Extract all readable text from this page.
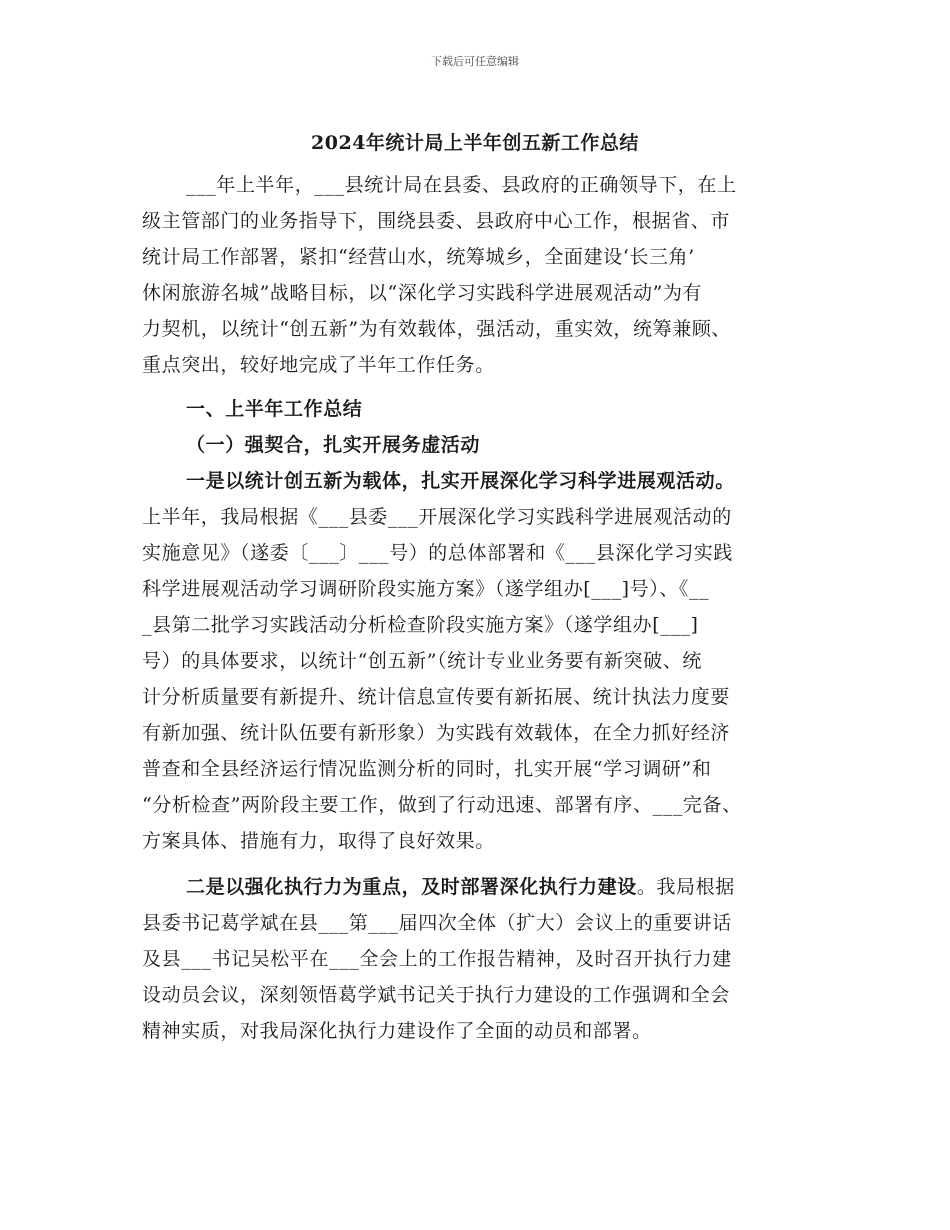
下载后可任意编辑
2024年统计局上半年创五新工作总结
___年上半年，___县统计局在县委、县政府的正确领导下，在上
级主管部门的业务指导下，围绕县委、县政府中心工作，根据省、市
统计局工作部署，紧扣“经营山水，统筹城乡，全面建设‘长三角’
休闲旅游名城”战略目标，以“深化学习实践科学进展观活动”为有
力契机，以统计“创五新”为有效载体，强活动，重实效，统筹兼顾、
重点突出，较好地完成了半年工作任务。
一、上半年工作总结
（一）强契合，扎实开展务虚活动
一是以统计创五新为载体，扎实开展深化学习科学进展观活动。
上半年，我局根据《___县委___开展深化学习实践科学进展观活动的
实施意见》（遂委〔___〕___号）的总体部署和《___县深化学习实践
科学进展观活动学习调研阶段实施方案》（遂学组办[___]号）、《__
_县第二批学习实践活动分析检查阶段实施方案》（遂学组办[___]
号）的具体要求，以统计“创五新”（统计专业业务要有新突破、统
计分析质量要有新提升、统计信息宣传要有新拓展、统计执法力度要
有新加强、统计队伍要有新形象）为实践有效载体，在全力抓好经济
普查和全县经济运行情况监测分析的同时，扎实开展“学习调研”和
“分析检查”两阶段主要工作，做到了行动迅速、部署有序、___完备、
方案具体、措施有力，取得了良好效果。
二是以强化执行力为重点，及时部署深化执行力建设。我局根据
县委书记葛学斌在县___第___届四次全体（扩大）会议上的重要讲话
及县___书记吴松平在___全会上的工作报告精神，及时召开执行力建
设动员会议，深刻领悟葛学斌书记关于执行力建设的工作强调和全会
精神实质，对我局深化执行力建设作了全面的动员和部署。
